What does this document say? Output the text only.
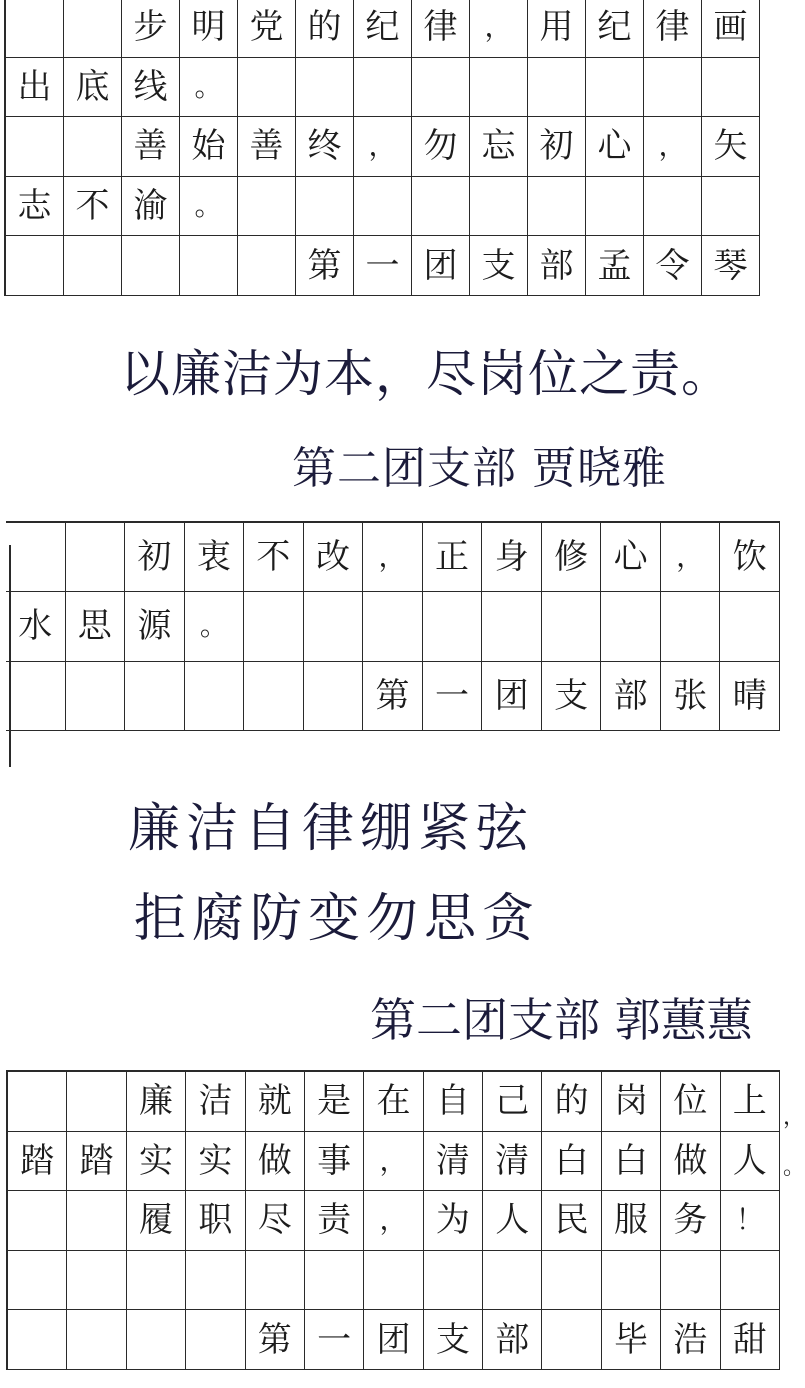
步 明 党 的 纪 律 ， 用 纪 律 画
出 底 线 。
善 始 善 终 ， 勿 忘 初 心 ， 矢
志 不 渝 。
第 一 团 支 部 孟 令 琴
以廉洁为本，尽岗位之责。
第二团支部 贾晓雅
初 衷 不 改	， 正 身 修 心	， 饮
水 思 源	。
第 一 团 支 部 张 晴
廉洁自律绷紧弦
拒腐防变勿思贪
第二团支部 郭蕙蕙
廉 洁 就 是 在 自 己 的 岗 位 上
踏 踏 实 实 做 事	， 清 清 白 白 做 人
履 职 尽 责	， 为 人 民 服 务	！
第 一 团 支 部	毕 浩 甜
，
。
